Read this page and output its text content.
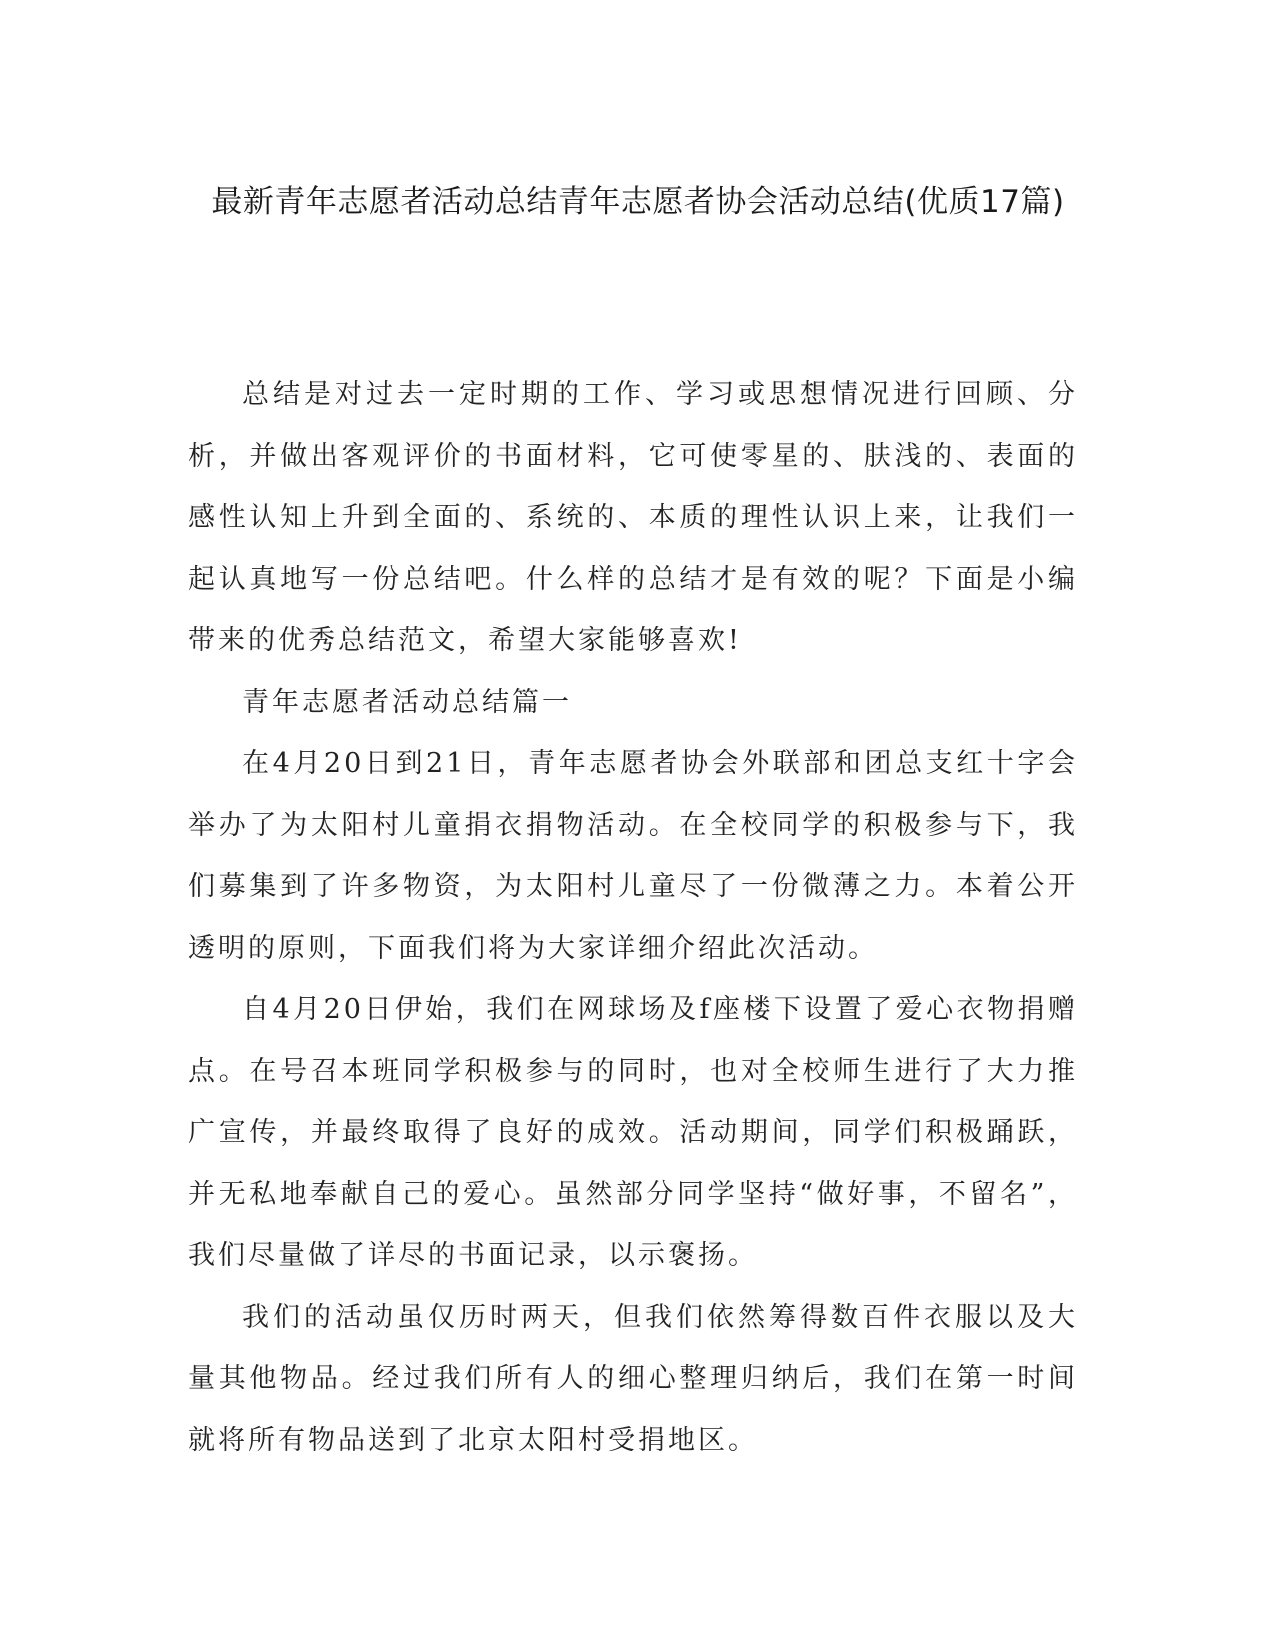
最新青年志愿者活动总结青年志愿者协会活动总结(优质17篇)

总结是对过去一定时期的工作、学习或思想情况进行回顾、分析，并做出客观评价的书面材料，它可使零星的、肤浅的、表面的感性认知上升到全面的、系统的、本质的理性认识上来，让我们一起认真地写一份总结吧。什么样的总结才是有效的呢？下面是小编带来的优秀总结范文，希望大家能够喜欢!

青年志愿者活动总结篇一

在4月20日到21日，青年志愿者协会外联部和团总支红十字会举办了为太阳村儿童捐衣捐物活动。在全校同学的积极参与下，我们募集到了许多物资，为太阳村儿童尽了一份微薄之力。本着公开透明的原则，下面我们将为大家详细介绍此次活动。

自4月20日伊始，我们在网球场及f座楼下设置了爱心衣物捐赠点。在号召本班同学积极参与的同时，也对全校师生进行了大力推广宣传，并最终取得了良好的成效。活动期间，同学们积极踊跃，并无私地奉献自己的爱心。虽然部分同学坚持“做好事，不留名”，我们尽量做了详尽的书面记录，以示褒扬。

我们的活动虽仅历时两天，但我们依然筹得数百件衣服以及大量其他物品。经过我们所有人的细心整理归纳后，我们在第一时间就将所有物品送到了北京太阳村受捐地区。
